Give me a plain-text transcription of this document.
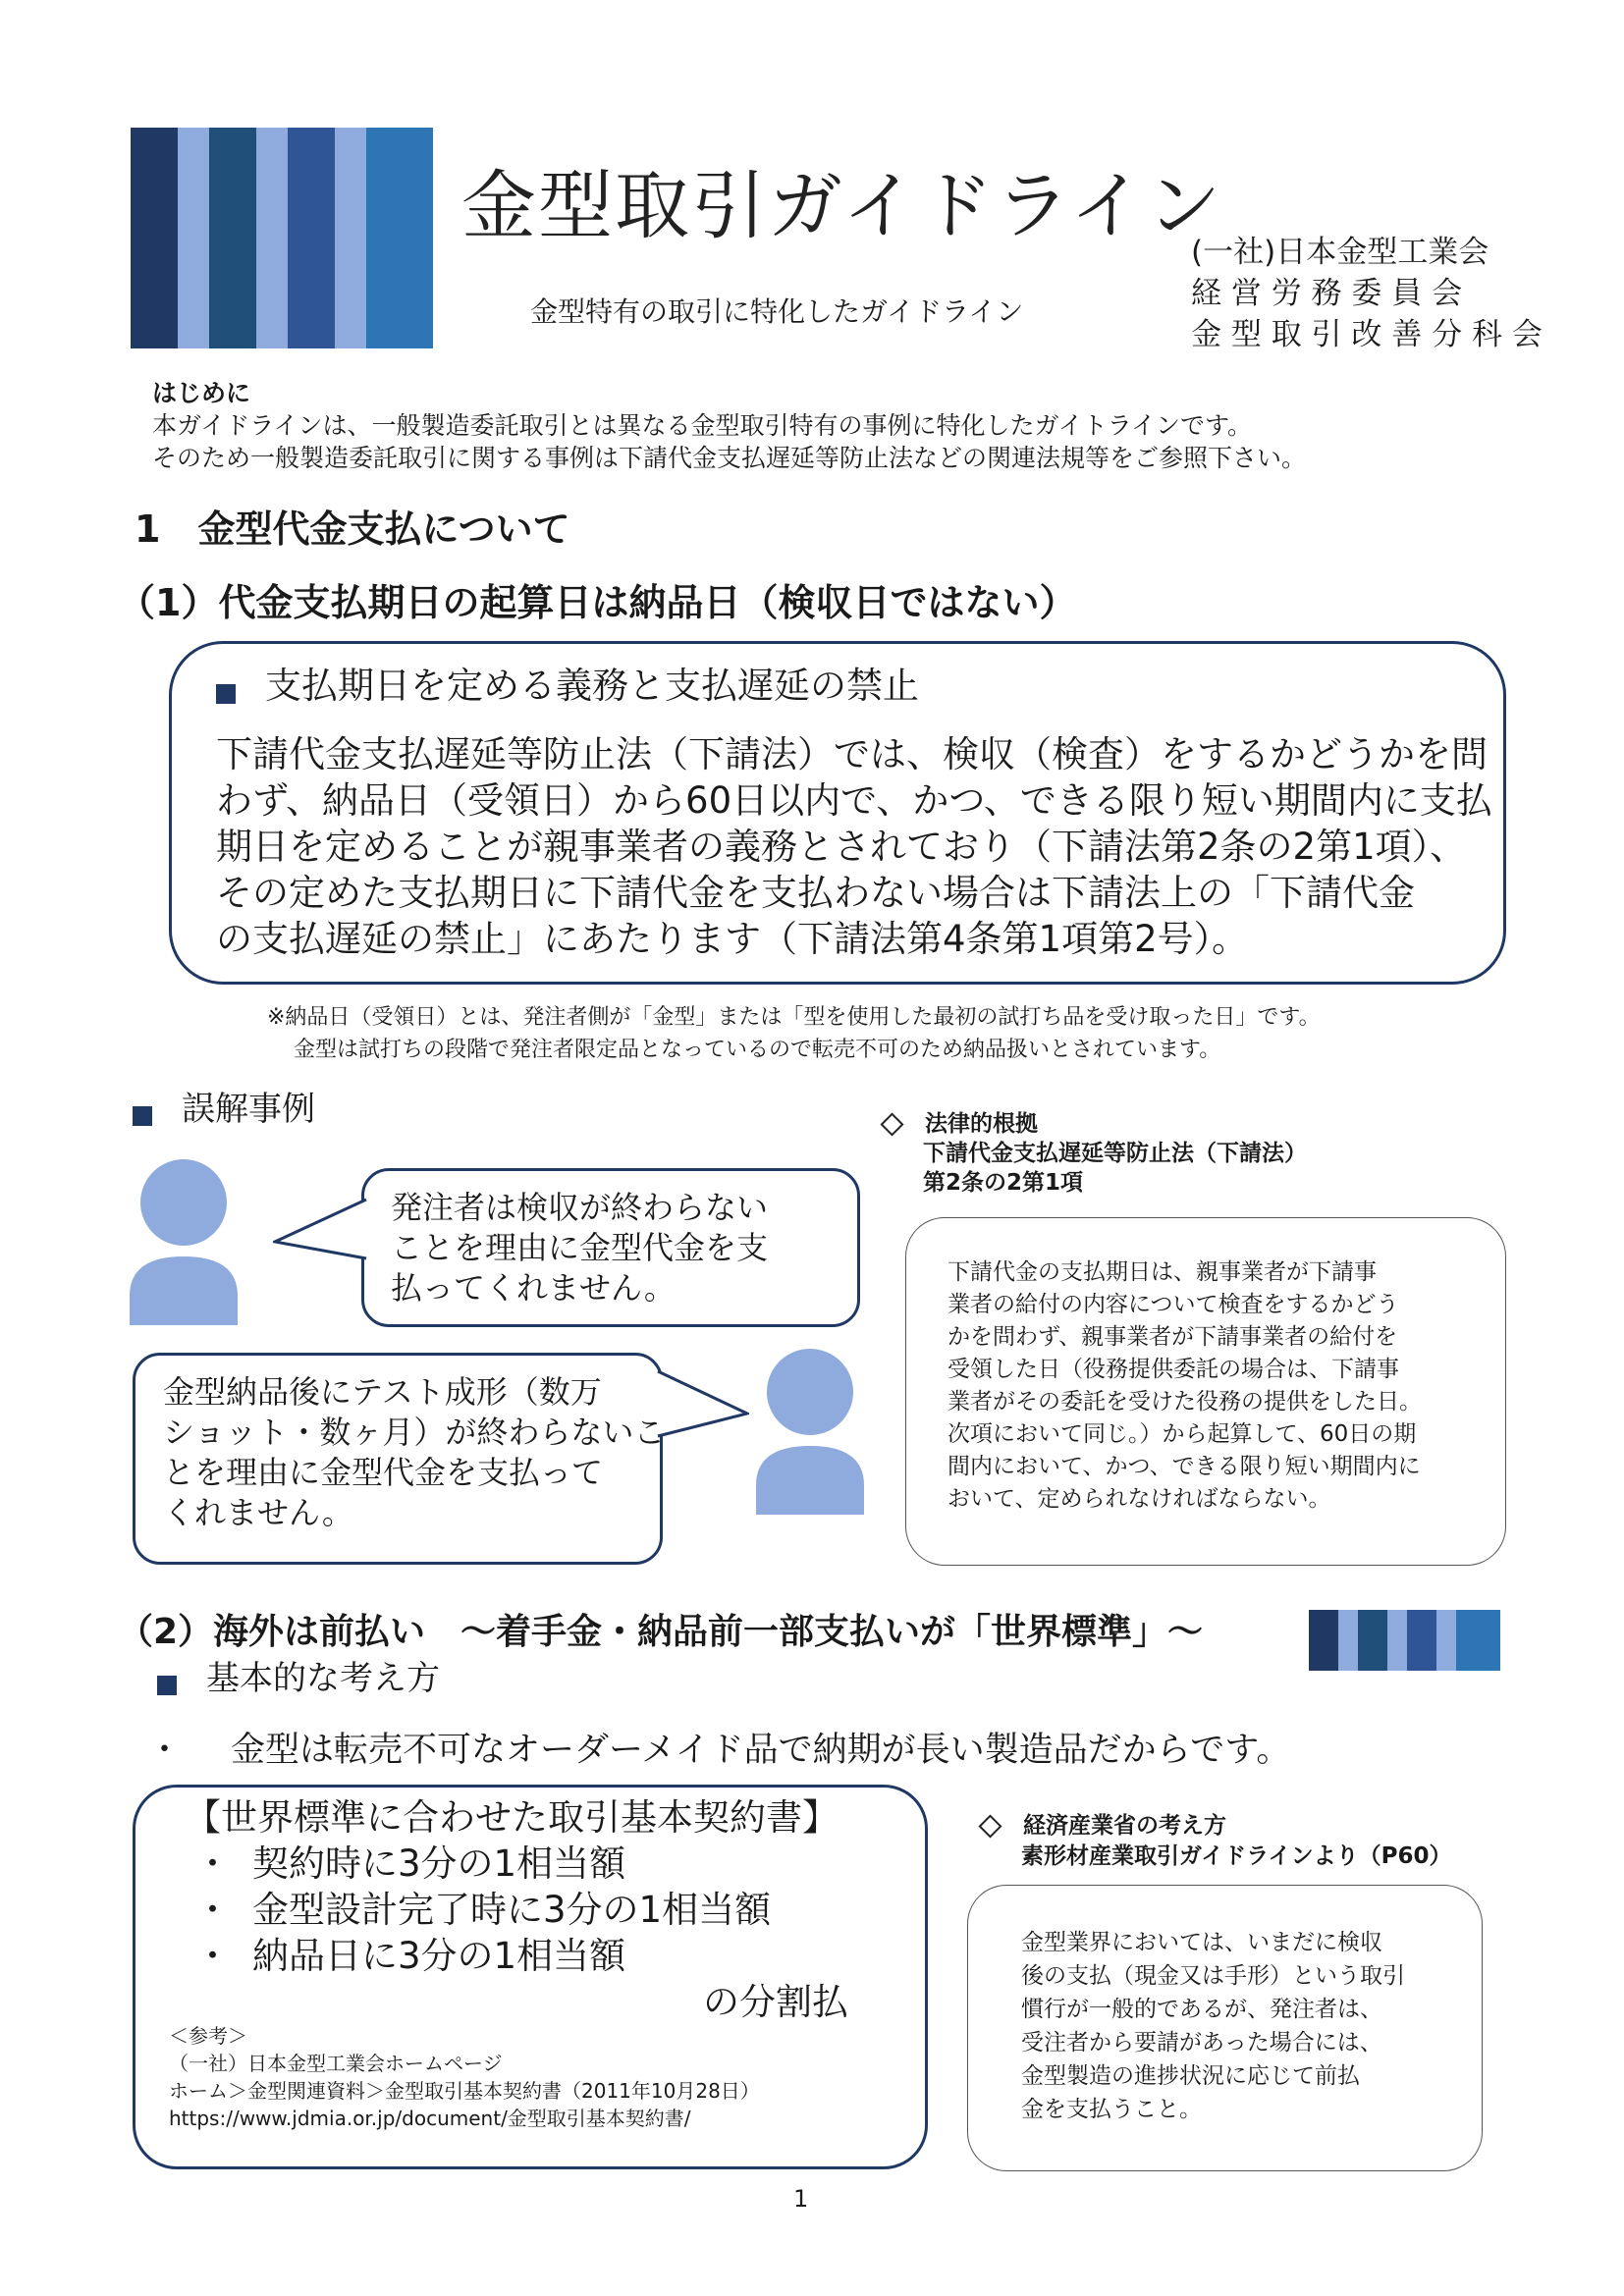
金型取引ガイドライン
金型特有の取引に特化したガイドライン
(一社)日本金型工業会
経 営 労 務 委 員 会
金 型 取 引 改 善 分 科 会
はじめに
本ガイドラインは、一般製造委託取引とは異なる金型取引特有の事例に特化したガイトラインです。
そのため一般製造委託取引に関する事例は下請代金支払遅延等防止法などの関連法規等をご参照下さい。
1　金型代金支払について
（1）代金支払期日の起算日は納品日（検収日ではない）
支払期日を定める義務と支払遅延の禁止
下請代金支払遅延等防止法（下請法）では、検収（検査）をするかどうかを問
わず、納品日（受領日）から60日以内で、かつ、できる限り短い期間内に支払
期日を定めることが親事業者の義務とされており（下請法第2条の2第1項）、
その定めた支払期日に下請代金を支払わない場合は下請法上の「下請代金
の支払遅延の禁止」にあたります（下請法第4条第1項第2号）。
※納品日（受領日）とは、発注者側が「金型」または「型を使用した最初の試打ち品を受け取った日」です。
金型は試打ちの段階で発注者限定品となっているので転売不可のため納品扱いとされています。
誤解事例
発注者は検収が終わらない
ことを理由に金型代金を支
払ってくれません。
金型納品後にテスト成形（数万
ショット・数ヶ月）が終わらないこ
とを理由に金型代金を支払って
くれません。
法律的根拠
下請代金支払遅延等防止法（下請法）
第2条の2第1項
下請代金の支払期日は、親事業者が下請事
業者の給付の内容について検査をするかどう
かを問わず、親事業者が下請事業者の給付を
受領した日（役務提供委託の場合は、下請事
業者がその委託を受けた役務の提供をした日。
次項において同じ。）から起算して、60日の期
間内において、かつ、できる限り短い期間内に
おいて、定められなければならない。
（2）海外は前払い　～着手金・納品前一部支払いが「世界標準」～
基本的な考え方
・ 金型は転売不可なオーダーメイド品で納期が長い製造品だからです。
【世界標準に合わせた取引基本契約書】
・ 契約時に3分の1相当額
・ 金型設計完了時に3分の1相当額
・ 納品日に3分の1相当額
の分割払
＜参考＞
（一社）日本金型工業会ホームページ
ホーム＞金型関連資料＞金型取引基本契約書（2011年10月28日）
https://www.jdmia.or.jp/document/金型取引基本契約書/
経済産業省の考え方
素形材産業取引ガイドラインより（P60）
金型業界においては、いまだに検収
後の支払（現金又は手形）という取引
慣行が一般的であるが、発注者は、
受注者から要請があった場合には、
金型製造の進捗状況に応じて前払
金を支払うこと。
1
